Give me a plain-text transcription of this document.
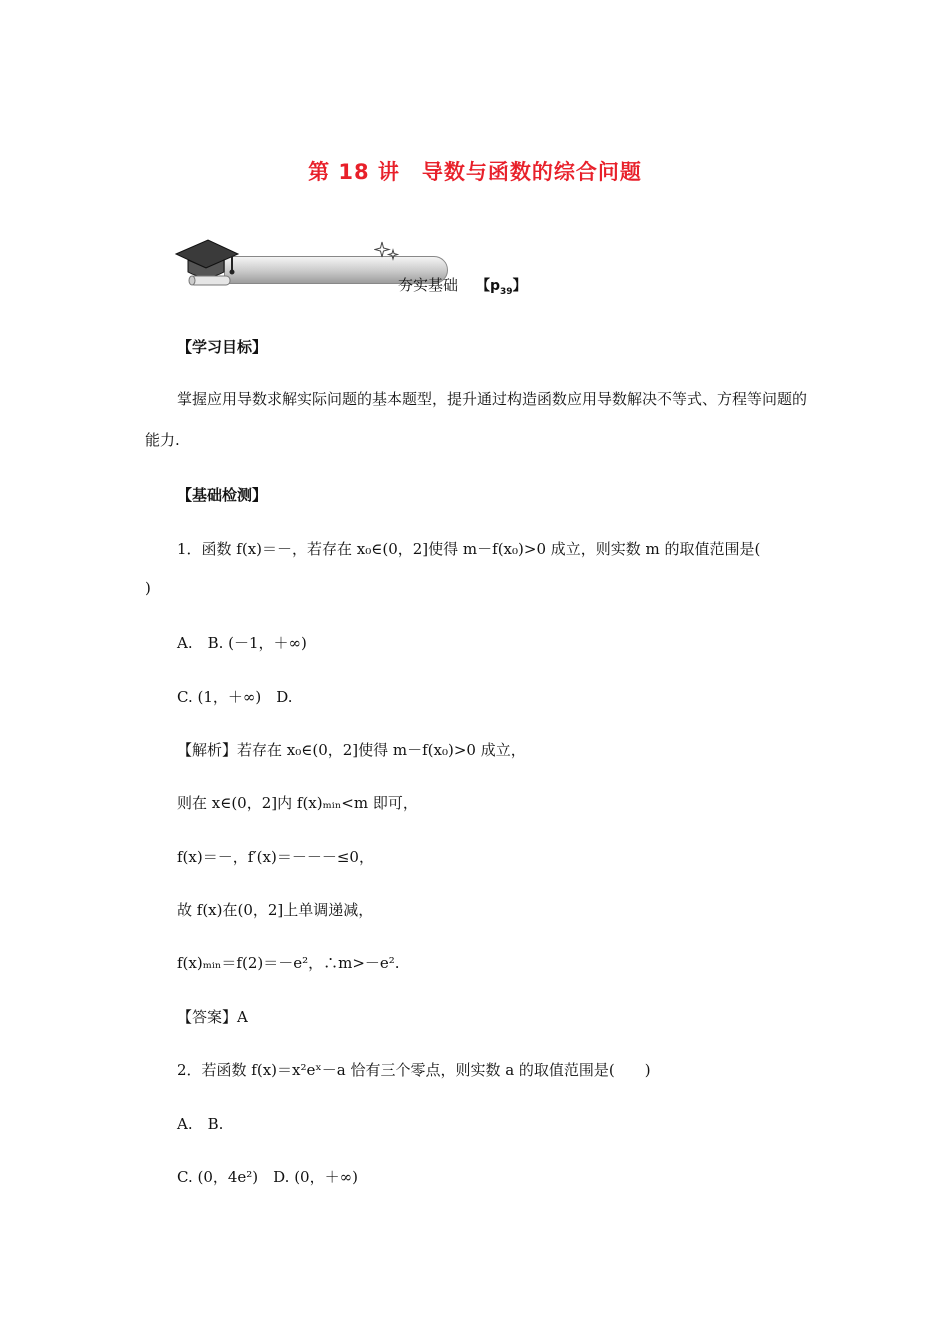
第 18 讲　导数与函数的综合问题
夯实基础 【$p_{39}$】
【学习目标】
掌握应用导数求解实际问题的基本题型，提升通过构造函数应用导数解决不等式、方程等问题的能力.
【基础检测】
1．函数 f(x)＝－，若存在 x₀∈(0，2]使得 m－f(x₀)>0 成立，则实数 m 的取值范围是(
)
A.　B. (－1，＋∞)
C. (1，＋∞)　D.
【解析】若存在 x₀∈(0，2]使得 m－f(x₀)>0 成立，
则在 x∈(0，2]内 f(x)ₘᵢₙ<m 即可，
f(x)＝－，f′(x)＝－－－≤0，
故 f(x)在(0，2]上单调递减，
f(x)ₘᵢₙ＝f(2)＝－e²，∴m>－e².
【答案】A
2．若函数 f(x)＝x²eˣ－a 恰有三个零点，则实数 a 的取值范围是(　　)
A.　B.
C. (0，4e²)　D. (0，＋∞)
